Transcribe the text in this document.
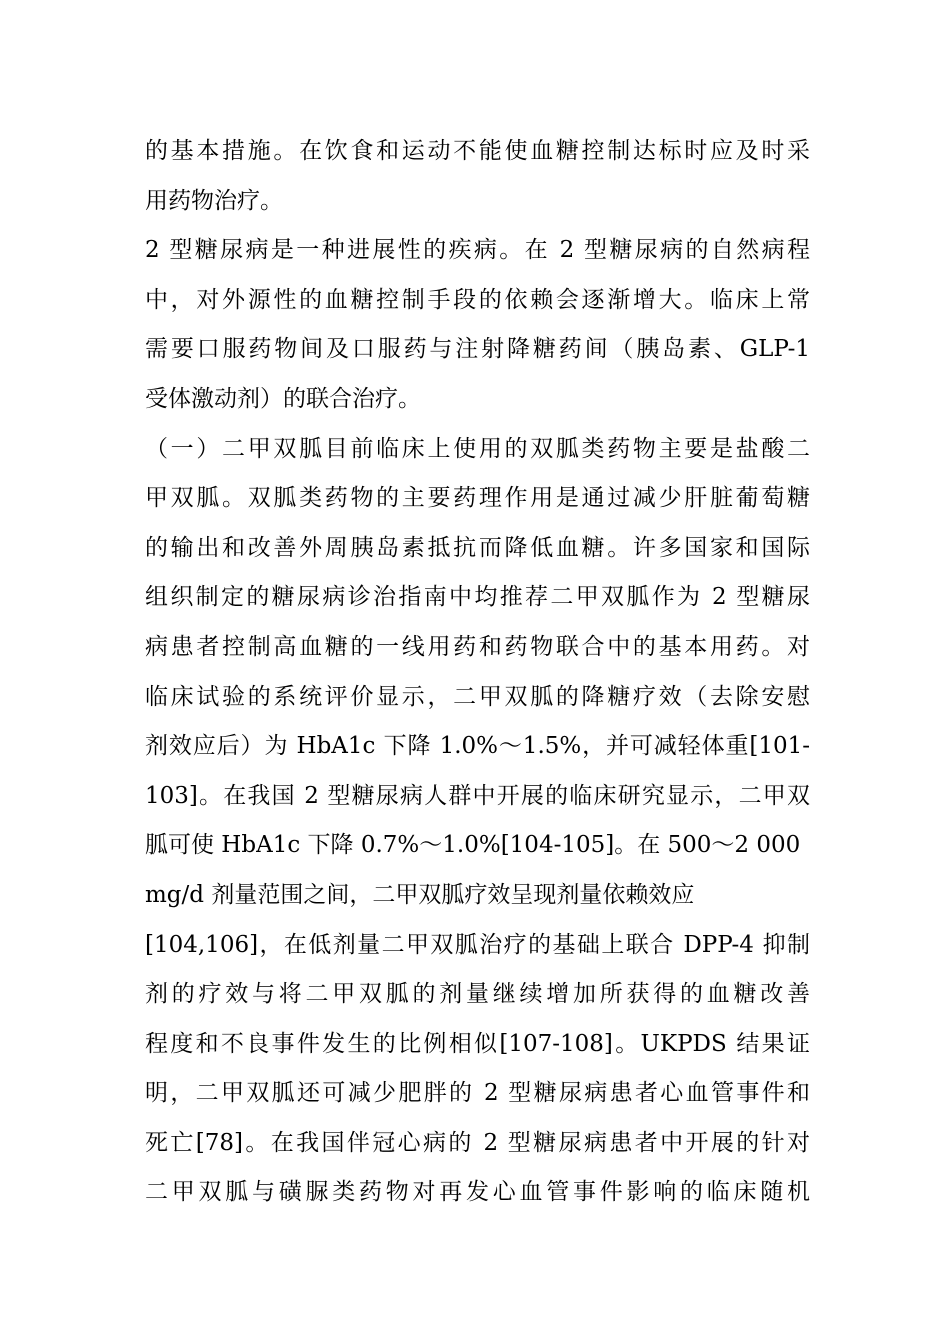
的基本措施。在饮食和运动不能使血糖控制达标时应及时采
用药物治疗。
2 型糖尿病是一种进展性的疾病。在 2 型糖尿病的自然病程
中，对外源性的血糖控制手段的依赖会逐渐增大。临床上常
需要口服药物间及口服药与注射降糖药间（胰岛素、GLP-1
受体激动剂）的联合治疗。
（一）二甲双胍目前临床上使用的双胍类药物主要是盐酸二
甲双胍。双胍类药物的主要药理作用是通过减少肝脏葡萄糖
的输出和改善外周胰岛素抵抗而降低血糖。许多国家和国际
组织制定的糖尿病诊治指南中均推荐二甲双胍作为 2 型糖尿
病患者控制高血糖的一线用药和药物联合中的基本用药。对
临床试验的系统评价显示，二甲双胍的降糖疗效（去除安慰
剂效应后）为 HbA1c 下降 1.0%～1.5%，并可减轻体重[101-
103]。在我国 2 型糖尿病人群中开展的临床研究显示，二甲双
胍可使 HbA1c 下降 0.7%～1.0%[104-105]。在 500～2 000
mg/d 剂量范围之间，二甲双胍疗效呈现剂量依赖效应
[104,106]，在低剂量二甲双胍治疗的基础上联合 DPP-4 抑制
剂的疗效与将二甲双胍的剂量继续增加所获得的血糖改善
程度和不良事件发生的比例相似[107-108]。UKPDS 结果证
明，二甲双胍还可减少肥胖的 2 型糖尿病患者心血管事件和
死亡[78]。在我国伴冠心病的 2 型糖尿病患者中开展的针对
二甲双胍与磺脲类药物对再发心血管事件影响的临床随机
